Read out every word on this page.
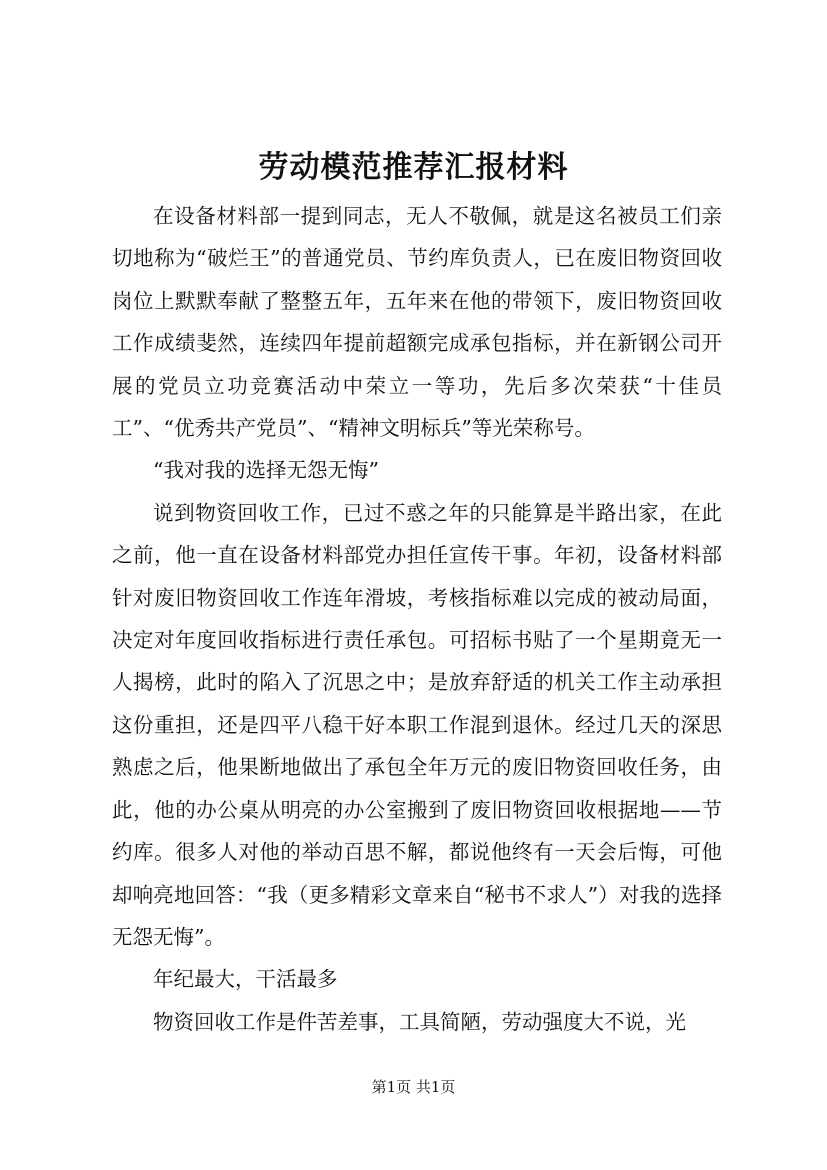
劳动模范推荐汇报材料

在设备材料部一提到同志，无人不敬佩，就是这名被员工们亲切地称为“破烂王”的普通党员、节约库负责人，已在废旧物资回收岗位上默默奉献了整整五年，五年来在他的带领下，废旧物资回收工作成绩斐然，连续四年提前超额完成承包指标，并在新钢公司开展的党员立功竞赛活动中荣立一等功，先后多次荣获“十佳员工”、“优秀共产党员”、“精神文明标兵”等光荣称号。

“我对我的选择无怨无悔”

说到物资回收工作，已过不惑之年的只能算是半路出家，在此之前，他一直在设备材料部党办担任宣传干事。年初，设备材料部针对废旧物资回收工作连年滑坡，考核指标难以完成的被动局面，决定对年度回收指标进行责任承包。可招标书贴了一个星期竟无一人揭榜，此时的陷入了沉思之中；是放弃舒适的机关工作主动承担这份重担，还是四平八稳干好本职工作混到退休。经过几天的深思熟虑之后，他果断地做出了承包全年万元的废旧物资回收任务，由此，他的办公桌从明亮的办公室搬到了废旧物资回收根据地——节约库。很多人对他的举动百思不解，都说他终有一天会后悔，可他却响亮地回答：“我（更多精彩文章来自“秘书不求人”）对我的选择无怨无悔”。

年纪最大，干活最多

物资回收工作是件苦差事，工具简陋，劳动强度大不说，光

第1页 共1页
